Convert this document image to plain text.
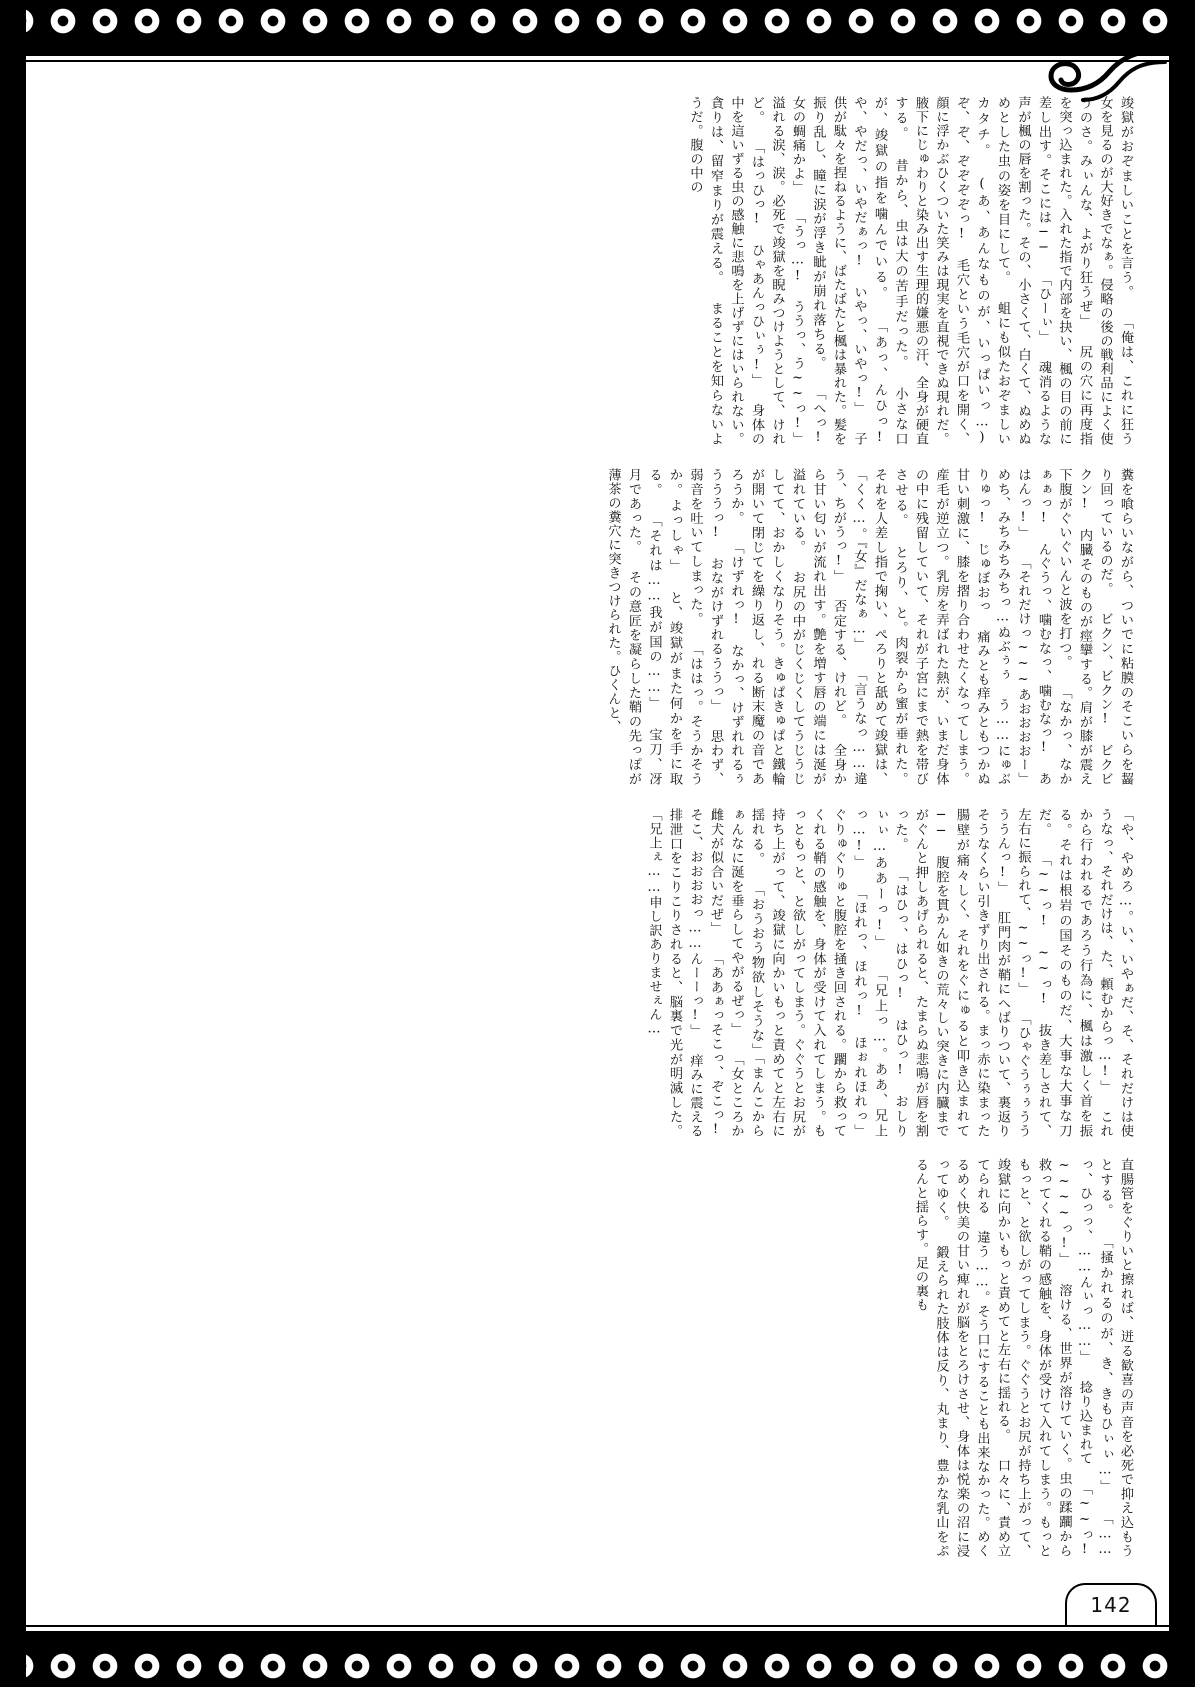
竣獄がおぞましいことを言う。 「俺は、これに狂う女を見るのが大好きでなぁ。侵略の後の戦利品によく使うのさ。みぃんな、よがり狂うぜ」 尻の穴に再度指を突っ込まれた。入れた指で内部を抉い、楓の目の前に差し出す。そこには── 「ひーぃ」 魂消るような声が楓の唇を割った。その、小さくて、白くて、ぬめぬめとした虫の姿を目にして。 蛆にも似たおぞましいカタチ。 (あ、あんなものが、いっぱいっ…) ぞ、ぞ、ぞぞぞぞっ! 毛穴という毛穴が口を開く、顔に浮かぶひくついた笑みは現実を直視できぬ現れだ。腋下にじゅわりと染み出す生理的嫌悪の汗、全身が硬直する。 昔から、虫は大の苦手だった。 小さな口が、竣獄の指を噛んでいる。 「あっ、んひっ! や、やだっ、いやだぁっ! いやっ、いやっ!」 子供が駄々を捏ねるように、ばたばたと楓は暴れた。髪を振り乱し、瞳に涙が浮き眦が崩れ落ちる。 「へっ! 女の蜩痛かよ」 「うっ…! ううっ、う~~っ!」 溢れる涙、涙。必死で竣獄を睨みつけようとして、けれど。 「はっひっ! ひゃあんっひぃぅ!」 身体の中を這いずる虫の感触に悲鳴を上げずにはいられない。貪りは、留窄まりが震える。 まることを知らないようだ。腹の中の
糞を喰らいながら、ついでに粘膜のそこいらを齧り回っているのだ。 ビクン、ビクン! ビクビクン! 内臓そのものが痙攣する。肩が膝が震え下腹がぐいぐいんと波を打つ。 「なかっ、なかぁぁっ! んぐうっ、噛むなっ、噛むなっ! あはんっ!」 「それだけっ~~~あおおおおー」 めち、みちみちみちっ…ぬぶぅぅ う……にゅぶりゅっ! じゅぼおっ 痛みとも痒みともつかぬ甘い刺激に、膝を摺り合わせたくなってしまう。産毛が逆立つ。乳房を弄ばれた熱が、いまだ身体の中に残留していて、それが子宮にまで熱を帯びさせる。 とろり、と。肉裂から蜜が垂れた。 それを人差し指で掬い、ぺろりと舐めて竣獄は、 「くく…。『女』だなぁ…」 「言うなっ……違う、ちがうっ!」 否定する、けれど。 全身から甘い匂いが流れ出す。艶を増す唇の端には涎が溢れている。 お尻の中がじくじくしてうじうじしてて、おかしくなりそう。きゅぱきゅぱと鐵輪が開いて閉じてを繰り返し、れる断末魔の音であろうか。 「けずれっ! なかっ、けずれれるぅうううっ! おながけずれるううっ」 思わず、弱音を吐いてしまった。 「ははっ。そうかそうか。よっしゃ」 と、竣獄がまた何かを手に取る。 「それは……我が国の……」 宝刀、冴月であった。 その意匠を凝らした鞘の先っぽが薄茶の糞穴に突きつけられた。ひくんと、
「や、やめろ…。い、いやぁだ、そ、それだけは使うなっ、それだけは、た、頼むからっ…!」 これから行われるであろう行為に、楓は激しく首を振る。それは根岩の国そのものだ、大事な大事な刀だ。 「~~っ! ~~っ! 抜き差しされて、左右に振られて、~~っ!」 「ひゃぐうぅぅううううんっ!」 肛門肉が鞘にへばりついて、裏返りそうなくらい引きずり出される。まっ赤に染まった腸壁が痛々しく、それをぐにゅると叩き込まれて── 腹腔を貫かん如きの荒々しい突きに内臓までがぐんと押しあげられると、たまらぬ悲鳴が唇を割った。 「はひっ、はひっ! はひっ! おしりぃぃ…ああーっ!」 「兄上っ…。ああ、兄上っ…!」 「ほれっ、ほれっ! ほぉれほれっ」 ぐりゅぐりゅと腹腔を掻き回される。躙から救ってくれる鞘の感触を、身体が受けて入れてしまう。もっともっと、と欲しがってしまう。ぐぐうとお尻が持ち上がって、竣獄に向かいもっと責めてと左右に揺れる。 「おうおう物欲しそうな」「まんこからぁんなに涎を垂らしてやがるぜっ」 「女ところか雌犬が似合いだぜ」 「ああぁっそこっ、ぞこっ! そこ、おおおおっ……んーーっ!」 痒みに震える排泄口をこりこりされると、脳裏で光が明滅した。 「兄上ぇ……申し訳ありませぇん…
直腸管をぐりいと擦れば、迸る歓喜の声音を必死で抑え込もうとする。 「掻かれるのが、き、きもひぃぃ…」 「……っ、ひっっ、……んぃっ……」 捻り込まれて 「~~っ! ~~~~っ!」 溶ける、世界が溶けていく。虫の蹂躙から救ってくれる鞘の感触を、身体が受けて入れてしまう。もっともっと、と欲しがってしまう。ぐぐうとお尻が持ち上がって、竣獄に向かいもっと責めてと左右に揺れる。 口々に、責め立てられる 違う……。そう口にすることも出来なかった。めくるめく快美の甘い痺れが脳をとろけさせ、身体は悦楽の沼に浸ってゆく。 鍛えられた肢体は反り、丸まり、豊かな乳山をぷるんと揺らす。足の裏も
142
